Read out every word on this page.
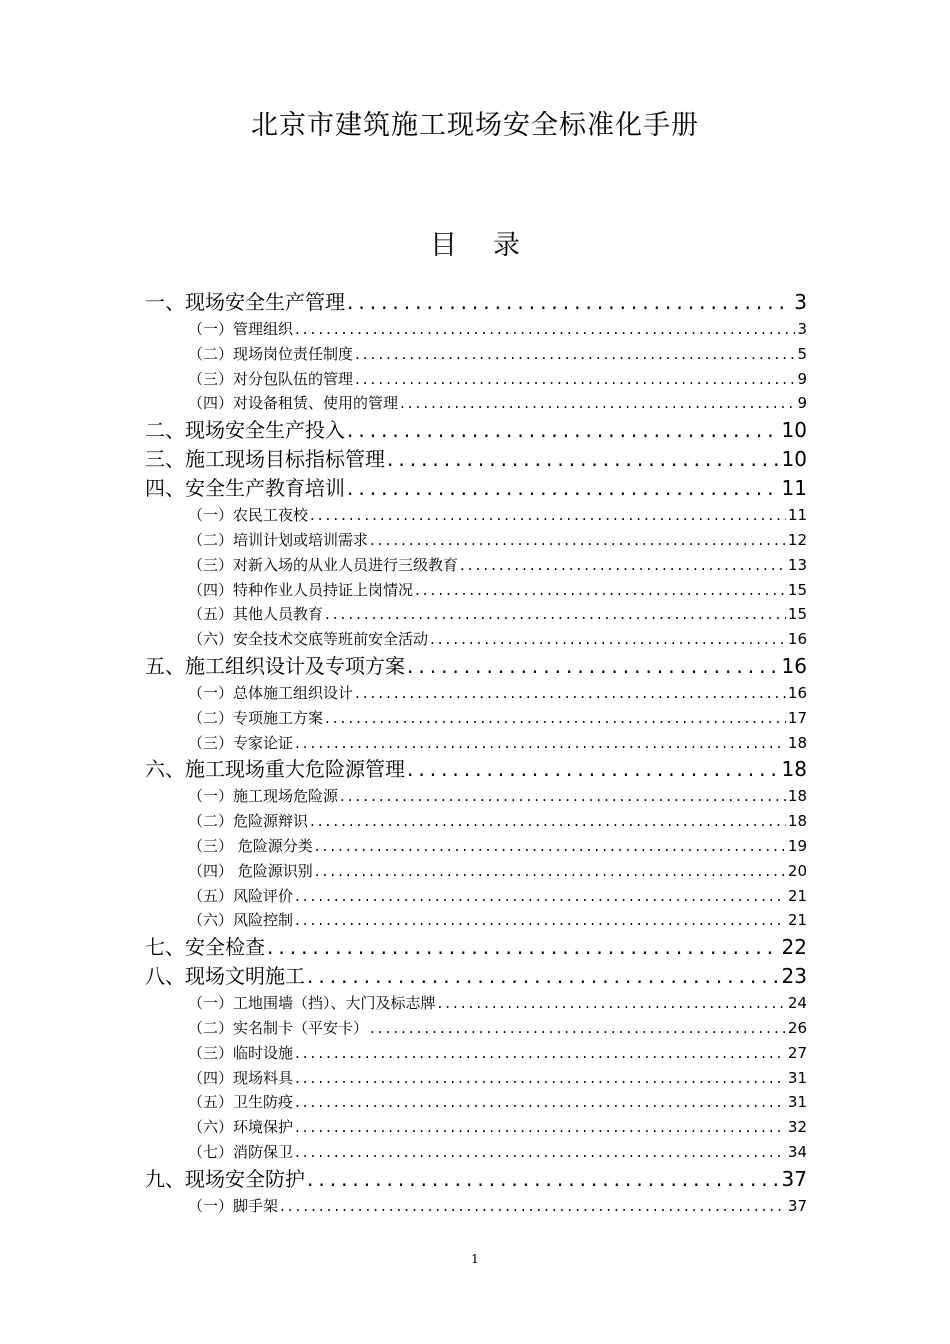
北京市建筑施工现场安全标准化手册
目录
一、现场安全生产管理 .....	3
（一）管理组织 .....	3
（二）现场岗位责任制度 .....	5
（三）对分包队伍的管理 .....	9
（四）对设备租赁、使用的管理 .....	9
二、现场安全生产投入 .....	10
三、施工现场目标指标管理 .....	10
四、安全生产教育培训 .....	11
（一）农民工夜校 .....	11
（二）培训计划或培训需求 .....	12
（三）对新入场的从业人员进行三级教育 .....	13
（四）特种作业人员持证上岗情况 .....	15
（五）其他人员教育 .....	15
（六）安全技术交底等班前安全活动 .....	16
五、施工组织设计及专项方案 .....	16
（一）总体施工组织设计 .....	16
（二）专项施工方案 .....	17
（三）专家论证 .....	18
六、施工现场重大危险源管理 .....	18
（一）施工现场危险源 .....	18
（二）危险源辩识 .....	18
（三） 危险源分类 .....	19
（四） 危险源识别 .....	20
（五）风险评价 .....	21
（六）风险控制 .....	21
七、安全检查 .....	22
八、现场文明施工 .....	23
（一）工地围墙（挡）、大门及标志牌 .....	24
（二）实名制卡（平安卡） .....	26
（三）临时设施 .....	27
（四）现场料具 .....	31
（五）卫生防疫 .....	31
（六）环境保护 .....	32
（七）消防保卫 .....	34
九、现场安全防护 .....	37
（一）脚手架 .....	37
1
